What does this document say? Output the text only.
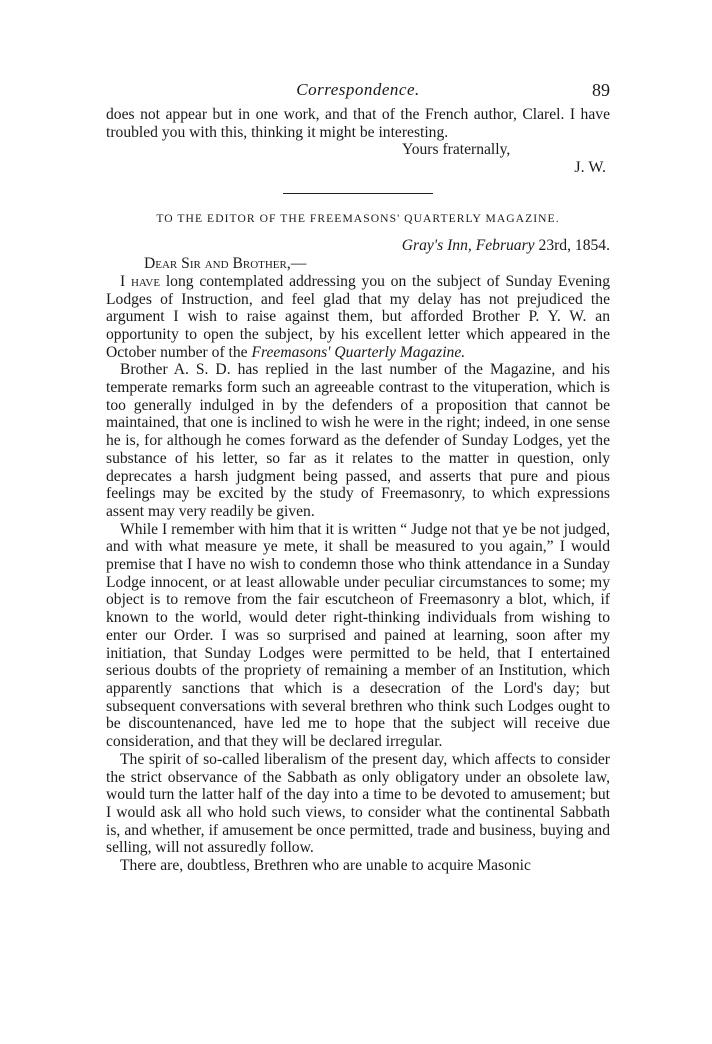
Correspondence.	89

does not appear but in one work, and that of the French author, Clarel. I have troubled you with this, thinking it might be interesting.

Yours fraternally,
J. W.

TO THE EDITOR OF THE FREEMASONS' QUARTERLY MAGAZINE.

Gray's Inn, February 23rd, 1854.

Dear Sir and Brother,—

I have long contemplated addressing you on the subject of Sunday Evening Lodges of Instruction, and feel glad that my delay has not prejudiced the argument I wish to raise against them, but afforded Brother P. Y. W. an opportunity to open the subject, by his excellent letter which appeared in the October number of the Freemasons' Quarterly Magazine.

Brother A. S. D. has replied in the last number of the Magazine, and his temperate remarks form such an agreeable contrast to the vituperation, which is too generally indulged in by the defenders of a proposition that cannot be maintained, that one is inclined to wish he were in the right; indeed, in one sense he is, for although he comes forward as the defender of Sunday Lodges, yet the substance of his letter, so far as it relates to the matter in question, only deprecates a harsh judgment being passed, and asserts that pure and pious feelings may be excited by the study of Freemasonry, to which expressions assent may very readily be given.

While I remember with him that it is written “ Judge not that ye be not judged, and with what measure ye mete, it shall be measured to you again,” I would premise that I have no wish to condemn those who think attendance in a Sunday Lodge innocent, or at least allowable under peculiar circumstances to some; my object is to remove from the fair escutcheon of Freemasonry a blot, which, if known to the world, would deter right-thinking individuals from wishing to enter our Order. I was so surprised and pained at learning, soon after my initiation, that Sunday Lodges were permitted to be held, that I entertained serious doubts of the propriety of remaining a member of an Institution, which apparently sanctions that which is a desecration of the Lord's day; but subsequent conversations with several brethren who think such Lodges ought to be discountenanced, have led me to hope that the subject will receive due consideration, and that they will be declared irregular.

The spirit of so-called liberalism of the present day, which affects to consider the strict observance of the Sabbath as only obligatory under an obsolete law, would turn the latter half of the day into a time to be devoted to amusement; but I would ask all who hold such views, to consider what the continental Sabbath is, and whether, if amusement be once permitted, trade and business, buying and selling, will not assuredly follow.

There are, doubtless, Brethren who are unable to acquire Masonic
